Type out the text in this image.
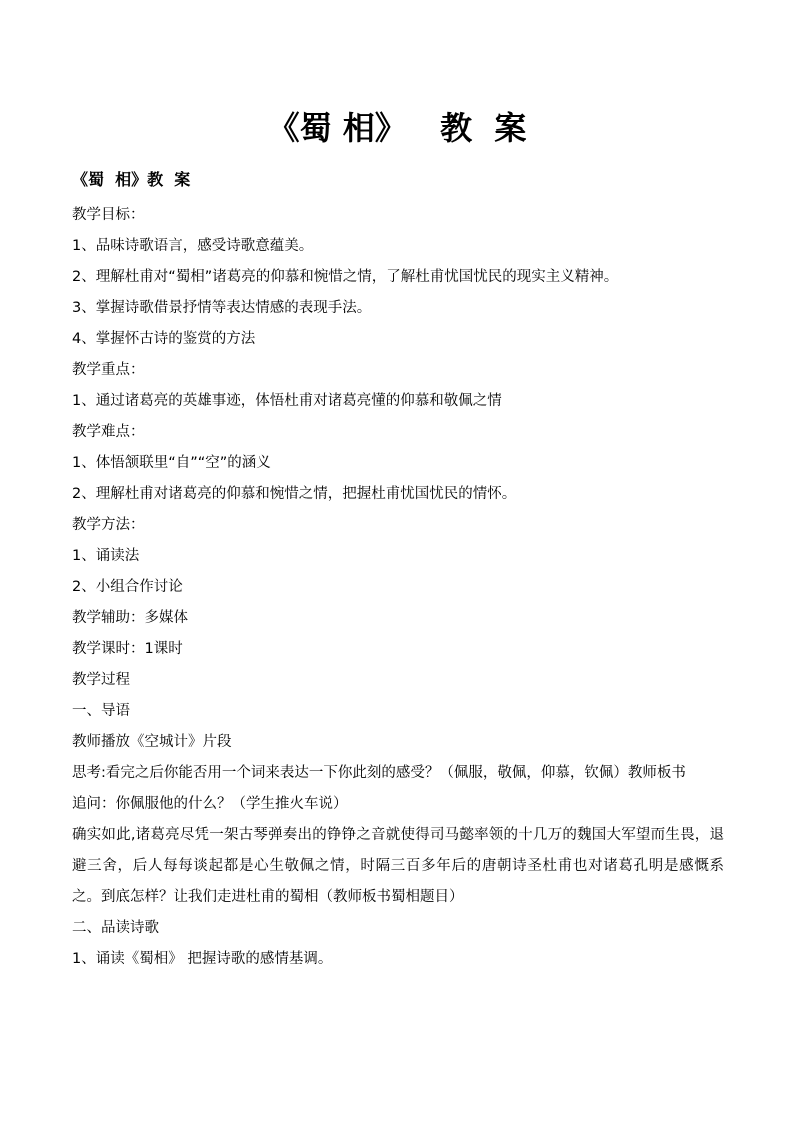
《蜀 相》   教  案
《蜀  相》教  案
教学目标：
1、品味诗歌语言，感受诗歌意蕴美。
2、理解杜甫对“蜀相”诸葛亮的仰慕和惋惜之情，了解杜甫忧国忧民的现实主义精神。
3、掌握诗歌借景抒情等表达情感的表现手法。
4、掌握怀古诗的鉴赏的方法
教学重点：
1、通过诸葛亮的英雄事迹，体悟杜甫对诸葛亮懂的仰慕和敬佩之情
教学难点：
1、体悟颔联里“自”“空”的涵义
2、理解杜甫对诸葛亮的仰慕和惋惜之情，把握杜甫忧国忧民的情怀。
教学方法：
1、诵读法
2、小组合作讨论
教学辅助：多媒体
教学课时：1课时
教学过程
一、导语
教师播放《空城计》片段
思考:看完之后你能否用一个词来表达一下你此刻的感受？（佩服，敬佩，仰慕，钦佩）教师板书
追问：你佩服他的什么？（学生推火车说）
确实如此,诸葛亮尽凭一架古琴弹奏出的铮铮之音就使得司马懿率领的十几万的魏国大军望而生畏，退避三舍，后人每每谈起都是心生敬佩之情，时隔三百多年后的唐朝诗圣杜甫也对诸葛孔明是感慨系之。到底怎样？让我们走进杜甫的蜀相（教师板书蜀相题目）
二、品读诗歌
1、诵读《蜀相》 把握诗歌的感情基调。
